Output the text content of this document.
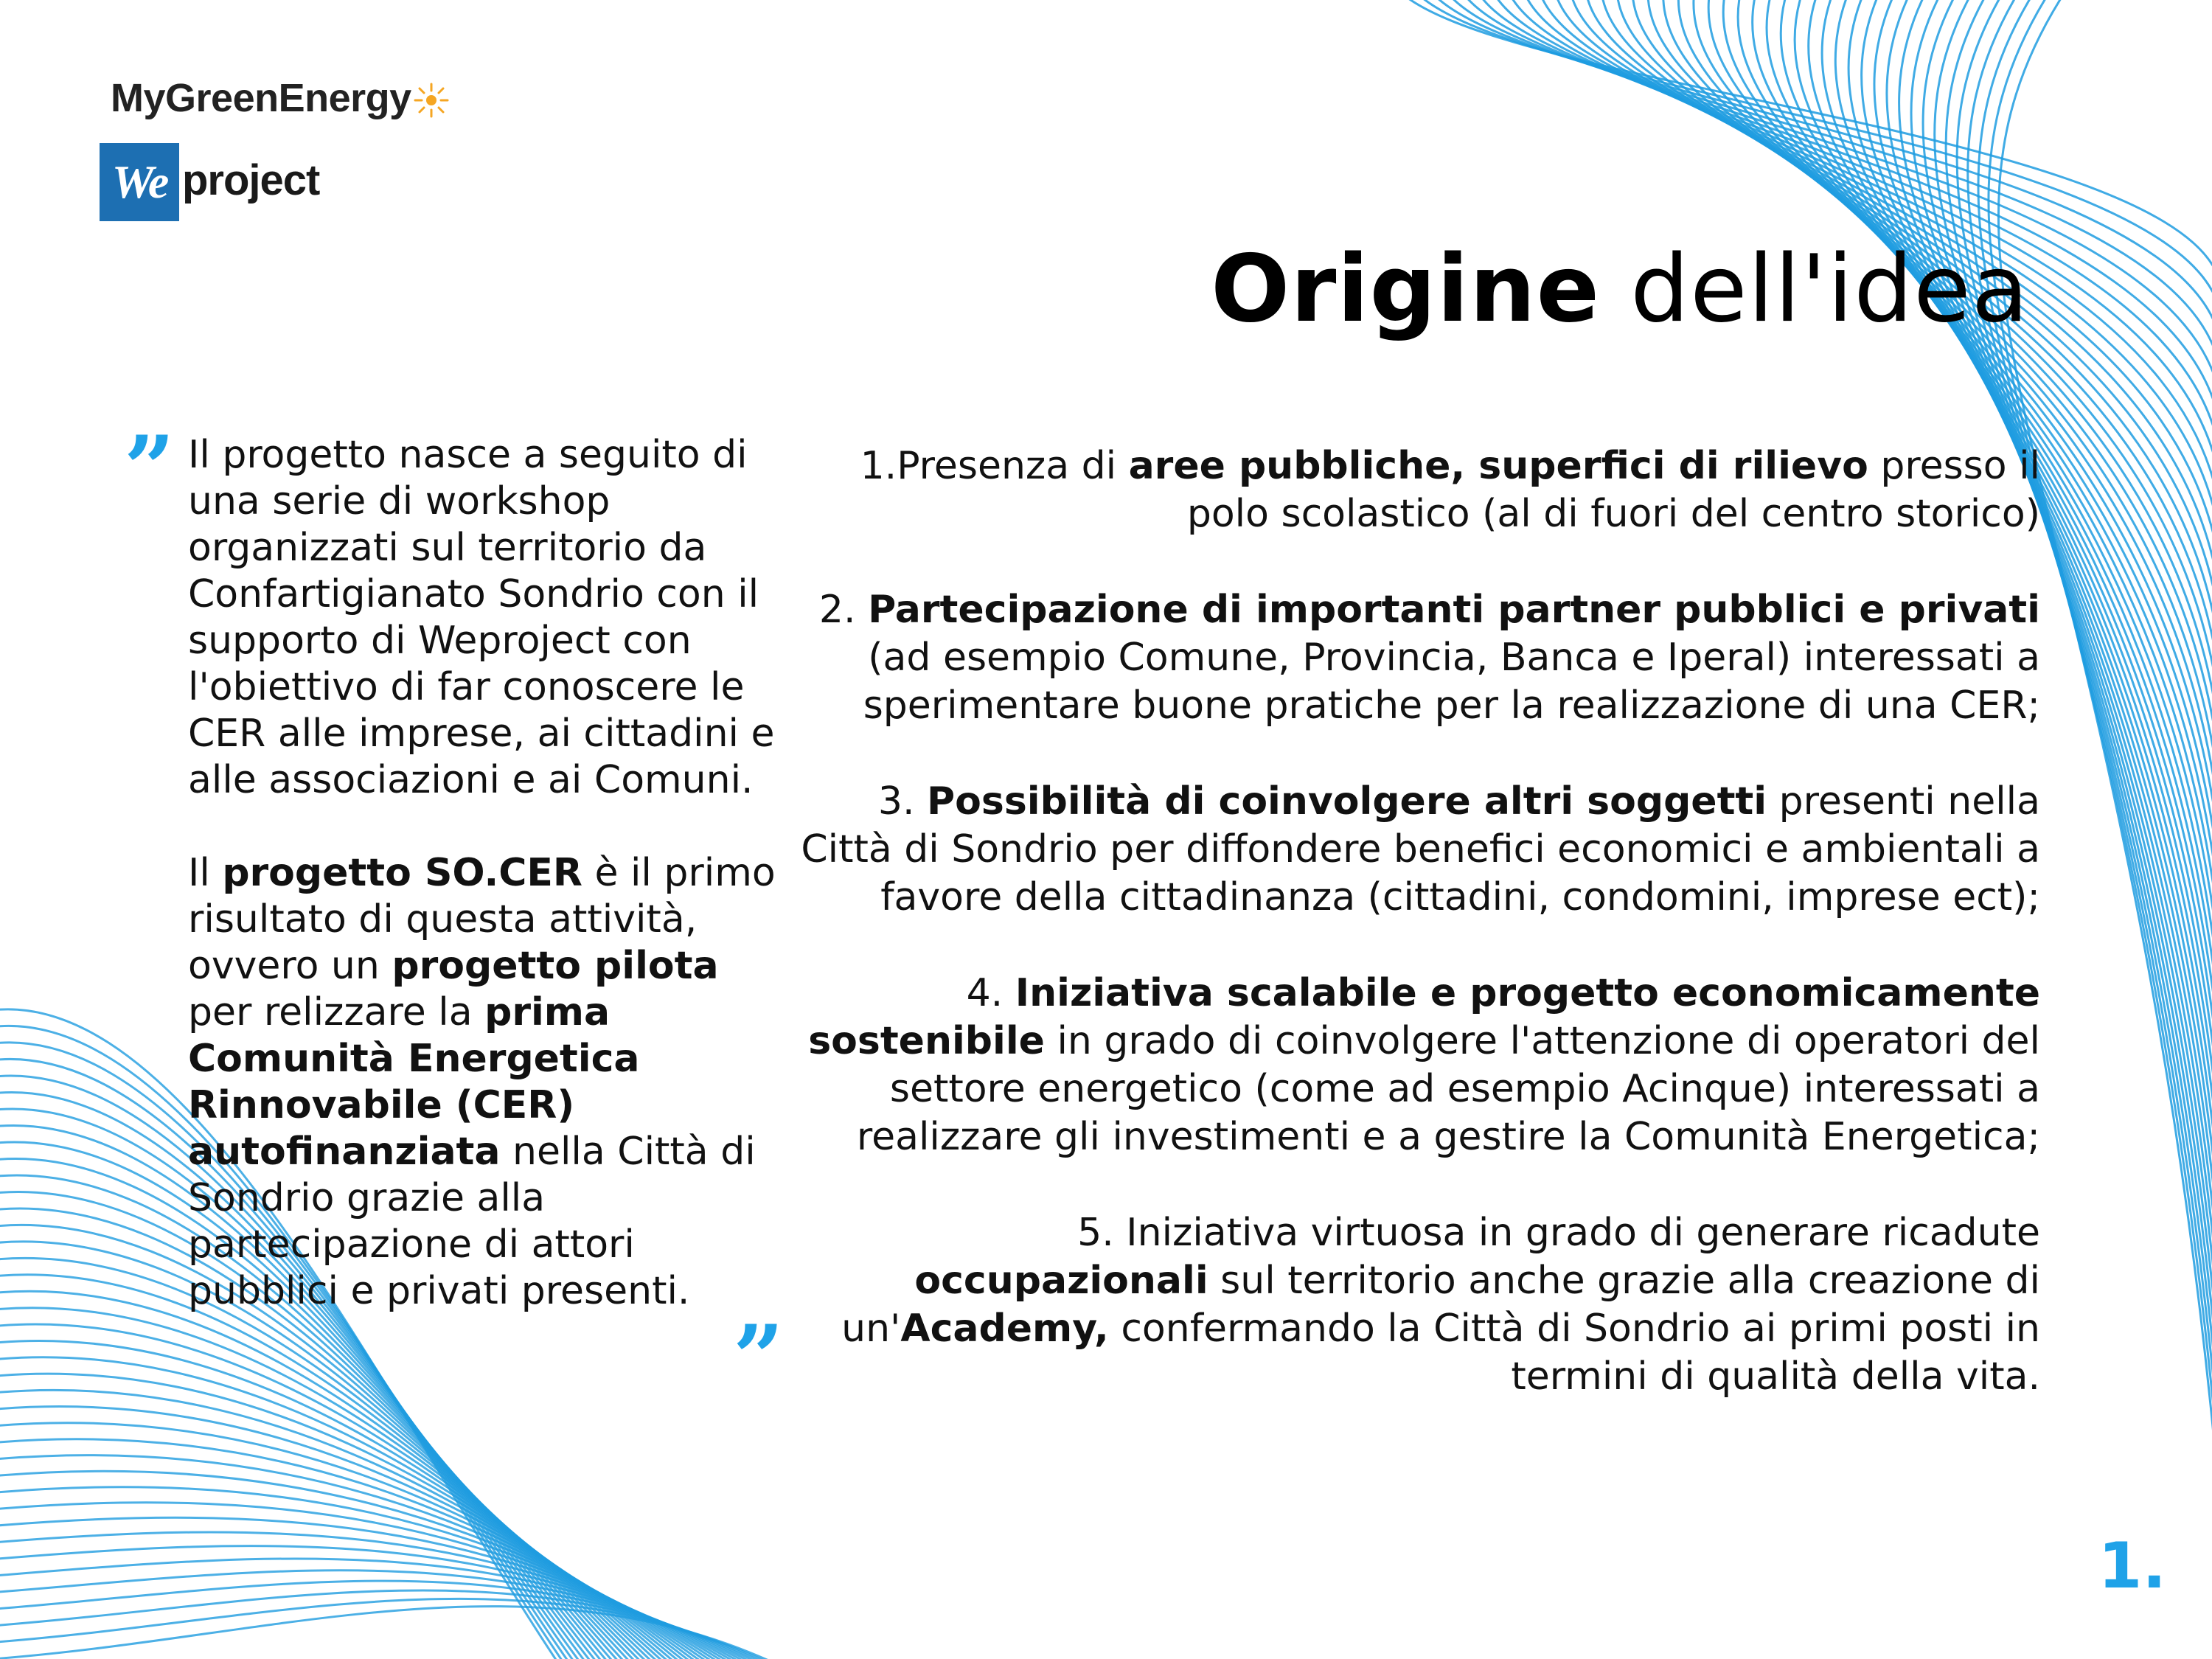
MyGreenEnergy
We project
Origine dell'idea
”
”

Il progetto nasce a seguito di una serie di workshop organizzati sul territorio da Confartigianato Sondrio con il supporto di Weproject con l'obiettivo di far conoscere le CER alle imprese, ai cittadini e alle associazioni e ai Comuni.

Il progetto SO.CER è il primo risultato di questa attività, ovvero un progetto pilota per relizzare la prima Comunità Energetica Rinnovabile (CER) autofinanziata nella Città di Sondrio grazie alla partecipazione di attori pubblici e privati presenti.

1.Presenza di aree pubbliche, superfici di rilievo presso il polo scolastico (al di fuori del centro storico)

2. Partecipazione di importanti partner pubblici e privati (ad esempio Comune, Provincia, Banca e Iperal) interessati a sperimentare buone pratiche per la realizzazione di una CER;

3. Possibilità di coinvolgere altri soggetti presenti nella Città di Sondrio per diffondere benefici economici e ambientali a favore della cittadinanza (cittadini, condomini, imprese ect);

4. Iniziativa scalabile e progetto economicamente sostenibile in grado di coinvolgere l'attenzione di operatori del settore energetico (come ad esempio Acinque) interessati a realizzare gli investimenti e a gestire la Comunità Energetica;

5. Iniziativa virtuosa in grado di generare ricadute occupazionali sul territorio anche grazie alla creazione di un'Academy, confermando la Città di Sondrio ai primi posti in termini di qualità della vita.

1.
